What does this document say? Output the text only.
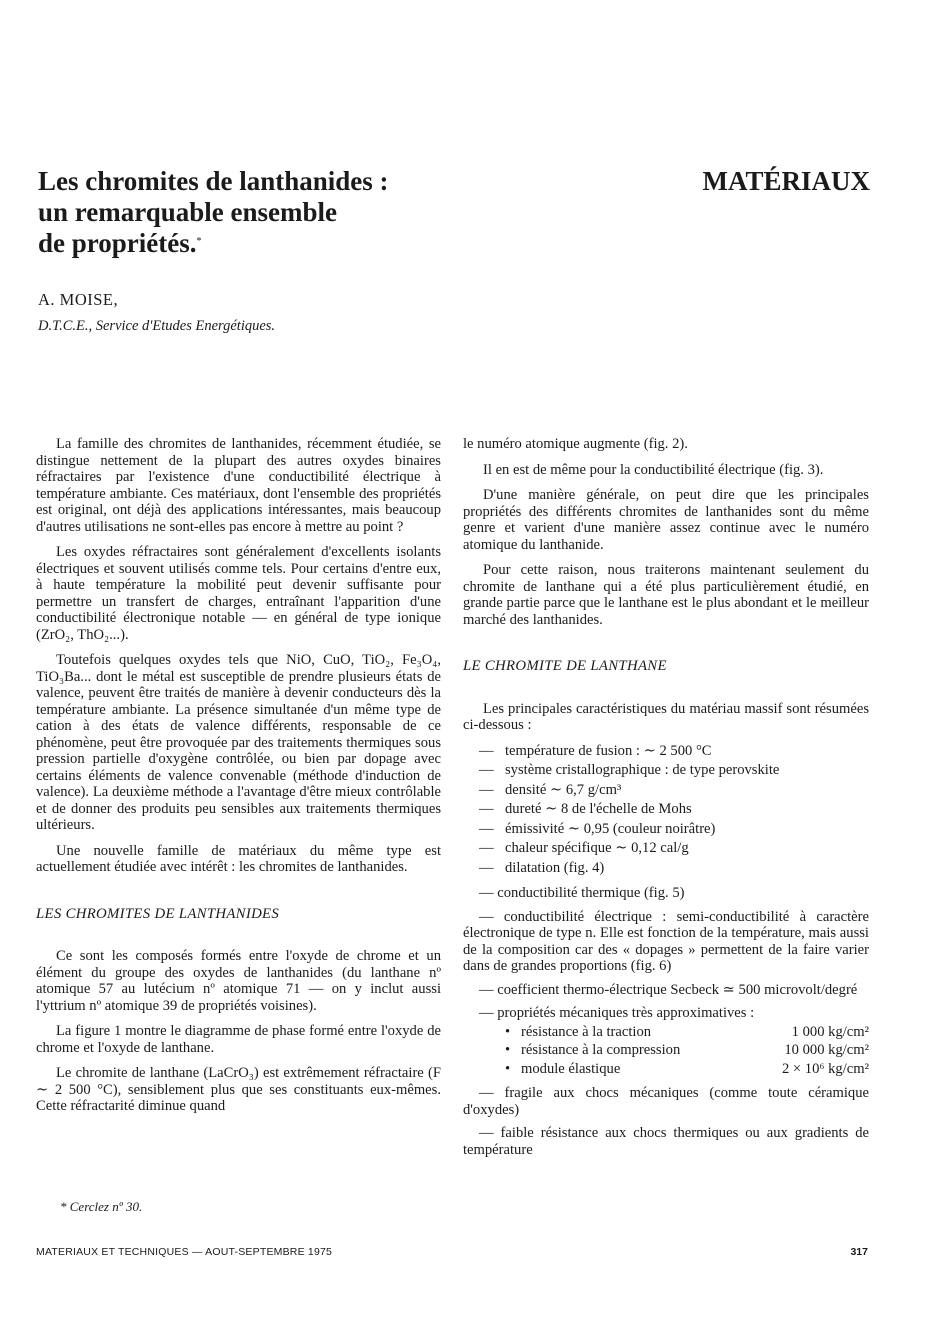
Les chromites de lanthanides :
un remarquable ensemble
de propriétés.*
MATÉRIAUX
A. MOISE,
D.T.C.E., Service d'Etudes Energétiques.

La famille des chromites de lanthanides, récemment étudiée, se distingue nettement de la plupart des autres oxydes binaires réfractaires par l'existence d'une conductibilité électrique à température ambiante. Ces matériaux, dont l'ensemble des propriétés est original, ont déjà des applications intéressantes, mais beaucoup d'autres utilisations ne sont-elles pas encore à mettre au point ?

Les oxydes réfractaires sont généralement d'excellents isolants électriques et souvent utilisés comme tels. Pour certains d'entre eux, à haute température la mobilité peut devenir suffisante pour permettre un transfert de charges, entraînant l'apparition d'une conductibilité électronique notable — en général de type ionique (ZrO₂, ThO₂...).

Toutefois quelques oxydes tels que NiO, CuO, TiO₂, Fe₃O₄, TiO₃Ba... dont le métal est susceptible de prendre plusieurs états de valence, peuvent être traités de manière à devenir conducteurs dès la température ambiante. La présence simultanée d'un même type de cation à des états de valence différents, responsable de ce phénomène, peut être provoquée par des traitements thermiques sous pression partielle d'oxygène contrôlée, ou bien par dopage avec certains éléments de valence convenable (méthode d'induction de valence). La deuxième méthode a l'avantage d'être mieux contrôlable et de donner des produits peu sensibles aux traitements thermiques ultérieurs.

Une nouvelle famille de matériaux du même type est actuellement étudiée avec intérêt : les chromites de lanthanides.

LES CHROMITES DE LANTHANIDES

Ce sont les composés formés entre l'oxyde de chrome et un élément du groupe des oxydes de lanthanides (du lanthane nº atomique 57 au lutécium nº atomique 71 — on y inclut aussi l'yttrium nº atomique 39 de propriétés voisines).

La figure 1 montre le diagramme de phase formé entre l'oxyde de chrome et l'oxyde de lanthane.

Le chromite de lanthane (LaCrO₃) est extrêmement réfractaire (F ∼ 2 500 °C), sensiblement plus que ses constituants eux-mêmes. Cette réfractarité diminue quand

le numéro atomique augmente (fig. 2).

Il en est de même pour la conductibilité électrique (fig. 3).

D'une manière générale, on peut dire que les principales propriétés des différents chromites de lanthanides sont du même genre et varient d'une manière assez continue avec le numéro atomique du lanthanide.

Pour cette raison, nous traiterons maintenant seulement du chromite de lanthane qui a été plus particulièrement étudié, en grande partie parce que le lanthane est le plus abondant et le meilleur marché des lanthanides.

LE CHROMITE DE LANTHANE

Les principales caractéristiques du matériau massif sont résumées ci-dessous :

— température de fusion : ∼ 2 500 °C
— système cristallographique : de type perovskite
— densité ∼ 6,7 g/cm³
— dureté ∼ 8 de l'échelle de Mohs
— émissivité ∼ 0,95 (couleur noirâtre)
— chaleur spécifique ∼ 0,12 cal/g
— dilatation (fig. 4)

— conductibilité thermique (fig. 5)

— conductibilité électrique : semi-conductibilité à caractère électronique de type n. Elle est fonction de la température, mais aussi de la composition car des « dopages » permettent de la faire varier dans de grandes proportions (fig. 6)

— coefficient thermo-électrique Secbeck ≃ 500 microvolt/degré

— propriétés mécaniques très approximatives :

• résistance à la traction	1 000 kg/cm²
• résistance à la compression	10 000 kg/cm²
• module élastique	2 × 10⁶ kg/cm²

— fragile aux chocs mécaniques (comme toute céramique d'oxydes)

— faible résistance aux chocs thermiques ou aux gradients de température

* Cerclez nº 30.
MATERIAUX ET TECHNIQUES — AOUT-SEPTEMBRE 1975	317
